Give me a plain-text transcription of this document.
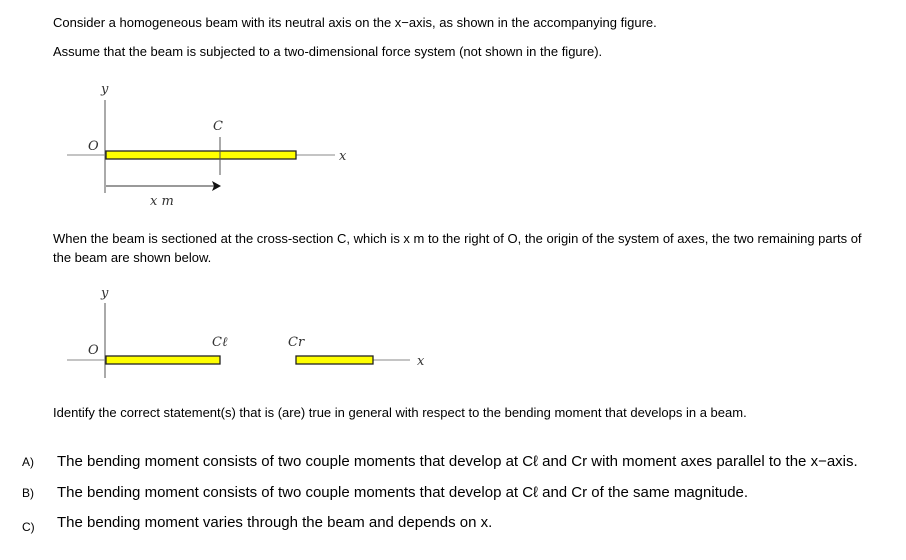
Consider a homogeneous beam with its neutral axis on the x−axis, as shown in the accompanying figure.
Assume that the beam is subjected to a two-dimensional force system (not shown in the figure).
y
C
O
x
x m
y
O
Cℓ	Cr
x
When the beam is sectioned at the cross-section C, which is x m to the right of O, the origin of the system of axes, the two remaining parts of
the beam are shown below.
Identify the correct statement(s) that is (are) true in general with respect to the bending moment that develops in a beam.
A) The bending moment consists of two couple moments that develop at Cℓ and Cr with moment axes parallel to the x−axis.
B) The bending moment consists of two couple moments that develop at Cℓ and Cr of the same magnitude.
C) The bending moment varies through the beam and depends on x.
